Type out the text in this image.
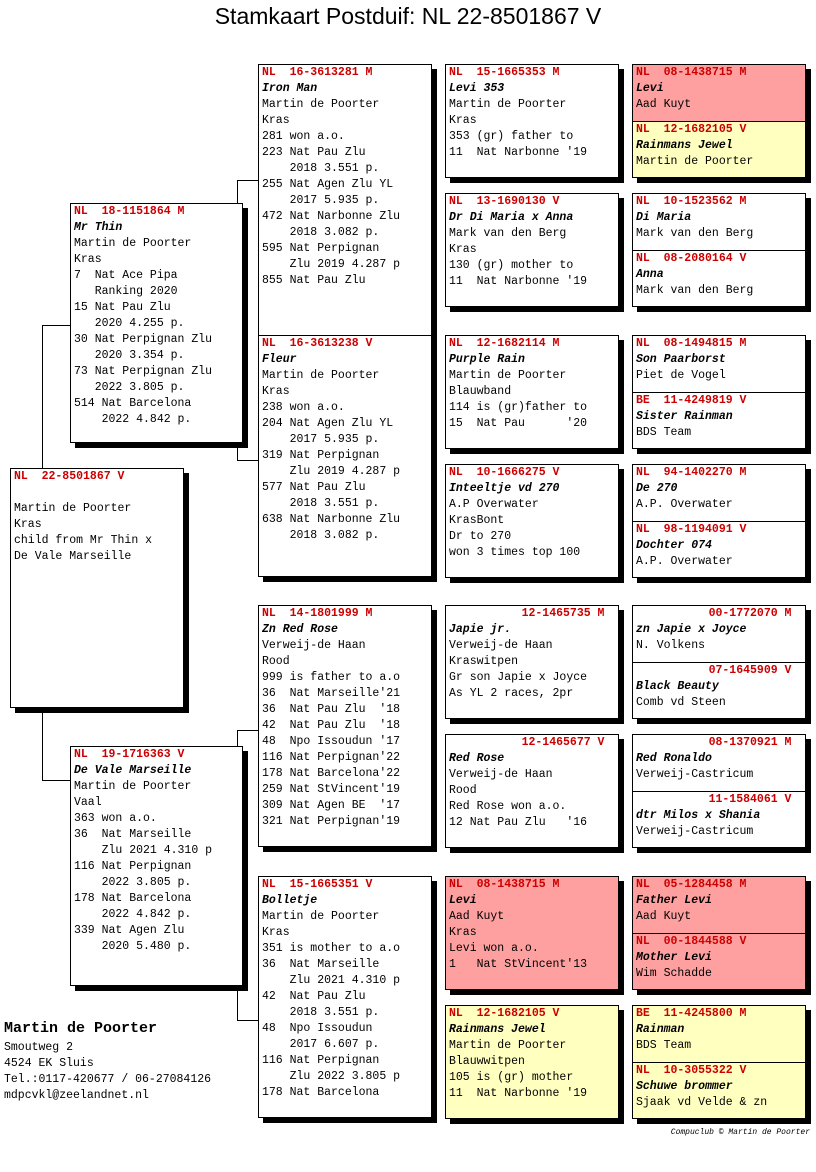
Stamkaart Postduif: NL 22-8501867 V
NL  22-8501867 V
Martin de Poorter
Kras
child from Mr Thin x
De Vale Marseille
NL  18-1151864 M
Mr Thin
Martin de Poorter
Kras
7  Nat Ace Pipa
Ranking 2020
15 Nat Pau Zlu
2020 4.255 p.
30 Nat Perpignan Zlu
2020 3.354 p.
73 Nat Perpignan Zlu
2022 3.805 p.
514 Nat Barcelona
2022 4.842 p.
NL  19-1716363 V
De Vale Marseille
Martin de Poorter
Vaal
363 won a.o.
36  Nat Marseille
Zlu 2021 4.310 p
116 Nat Perpignan
2022 3.805 p.
178 Nat Barcelona
2022 4.842 p.
339 Nat Agen Zlu
2020 5.480 p.
NL  16-3613281 M
Iron Man
Martin de Poorter
Kras
281 won a.o.
223 Nat Pau Zlu
2018 3.551 p.
255 Nat Agen Zlu YL
2017 5.935 p.
472 Nat Narbonne Zlu
2018 3.082 p.
595 Nat Perpignan
Zlu 2019 4.287 p
855 Nat Pau Zlu
NL  16-3613238 V
Fleur
Martin de Poorter
Kras
238 won a.o.
204 Nat Agen Zlu YL
2017 5.935 p.
319 Nat Perpignan
Zlu 2019 4.287 p
577 Nat Pau Zlu
2018 3.551 p.
638 Nat Narbonne Zlu
2018 3.082 p.
NL  14-1801999 M
Zn Red Rose
Verweij-de Haan
Rood
999 is father to a.o
36  Nat Marseille'21
36  Nat Pau Zlu  '18
42  Nat Pau Zlu  '18
48  Npo Issoudun '17
116 Nat Perpignan'22
178 Nat Barcelona'22
259 Nat StVincent'19
309 Nat Agen BE  '17
321 Nat Perpignan'19
NL  15-1665351 V
Bolletje
Martin de Poorter
Kras
351 is mother to a.o
36  Nat Marseille
Zlu 2021 4.310 p
42  Nat Pau Zlu
2018 3.551 p.
48  Npo Issoudun
2017 6.607 p.
116 Nat Perpignan
Zlu 2022 3.805 p
178 Nat Barcelona
NL  15-1665353 M
Levi 353
Martin de Poorter
Kras
353 (gr) father to
11  Nat Narbonne '19
NL  13-1690130 V
Dr Di Maria x Anna
Mark van den Berg
Kras
130 (gr) mother to
11  Nat Narbonne '19
NL  12-1682114 M
Purple Rain
Martin de Poorter
Blauwband
114 is (gr)father to
15  Nat Pau      '20
NL  10-1666275 V
Inteeltje vd 270
A.P Overwater
KrasBont
Dr to 270
won 3 times top 100
12-1465735 M
Japie jr.
Verweij-de Haan
Kraswitpen
Gr son Japie x Joyce
As YL 2 races, 2pr
12-1465677 V
Red Rose
Verweij-de Haan
Rood
Red Rose won a.o.
12 Nat Pau Zlu   '16
NL  08-1438715 M
Levi
Aad Kuyt
Kras
Levi won a.o.
1   Nat StVincent'13
NL  12-1682105 V
Rainmans Jewel
Martin de Poorter
Blauwwitpen
105 is (gr) mother
11  Nat Narbonne '19
NL  08-1438715 M
Levi
Aad Kuyt
NL  12-1682105 V
Rainmans Jewel
Martin de Poorter
NL  10-1523562 M
Di Maria
Mark van den Berg
NL  08-2080164 V
Anna
Mark van den Berg
NL  08-1494815 M
Son Paarborst
Piet de Vogel
BE  11-4249819 V
Sister Rainman
BDS Team
NL  94-1402270 M
De 270
A.P. Overwater
NL  98-1194091 V
Dochter 074
A.P. Overwater
00-1772070 M
zn Japie x Joyce
N. Volkens
07-1645909 V
Black Beauty
Comb vd Steen
08-1370921 M
Red Ronaldo
Verweij-Castricum
11-1584061 V
dtr Milos x Shania
Verweij-Castricum
NL  05-1284458 M
Father Levi
Aad Kuyt
NL  00-1844588 V
Mother Levi
Wim Schadde
BE  11-4245800 M
Rainman
BDS Team
NL  10-3055322 V
Schuwe brommer
Sjaak vd Velde & zn
Martin de Poorter
Smoutweg 2
4524 EK Sluis
Tel.:0117-420677 / 06-27084126
mdpcvkl@zeelandnet.nl
Compuclub © Martin de Poorter
